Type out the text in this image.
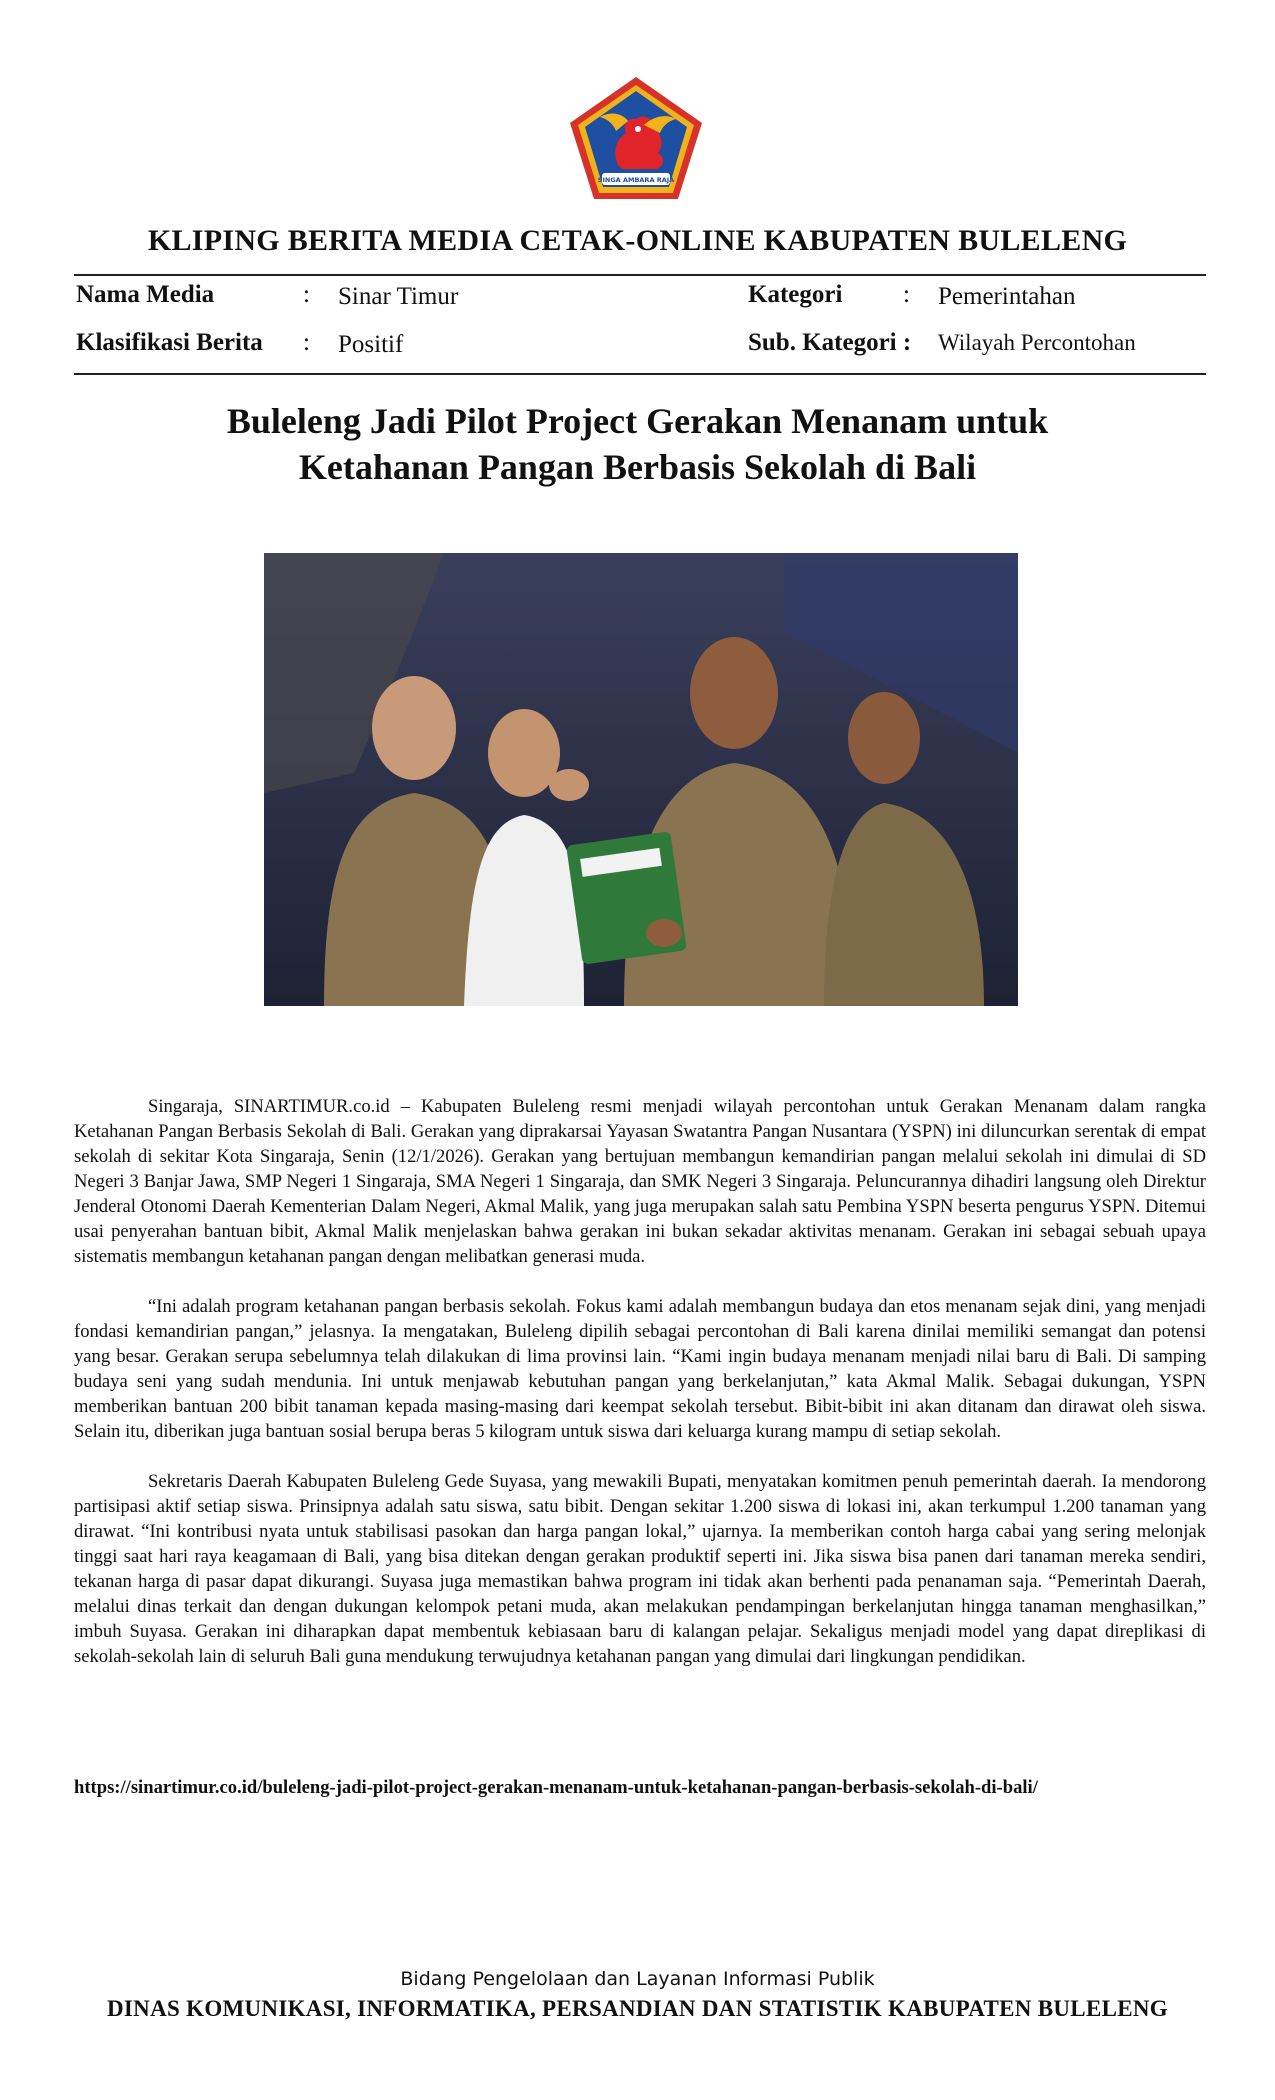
SINGA AMBARA RAJA
KLIPING BERITA MEDIA CETAK-ONLINE KABUPATEN BULELENG
Nama Media	: Sinar Timur	Kategori : Pemerintahan
Klasifikasi Berita : Positif	Sub. Kategori : Wilayah Percontohan
Buleleng Jadi Pilot Project Gerakan Menanam untuk
Ketahanan Pangan Berbasis Sekolah di Bali

Singaraja, SINARTIMUR.co.id – Kabupaten Buleleng resmi menjadi wilayah percontohan untuk Gerakan Menanam dalam rangka Ketahanan Pangan Berbasis Sekolah di Bali. Gerakan yang diprakarsai Yayasan Swatantra Pangan Nusantara (YSPN) ini diluncurkan serentak di empat sekolah di sekitar Kota Singaraja, Senin (12/1/2026). Gerakan yang bertujuan membangun kemandirian pangan melalui sekolah ini dimulai di SD Negeri 3 Banjar Jawa, SMP Negeri 1 Singaraja, SMA Negeri 1 Singaraja, dan SMK Negeri 3 Singaraja. Peluncurannya dihadiri langsung oleh Direktur Jenderal Otonomi Daerah Kementerian Dalam Negeri, Akmal Malik, yang juga merupakan salah satu Pembina YSPN beserta pengurus YSPN. Ditemui usai penyerahan bantuan bibit, Akmal Malik menjelaskan bahwa gerakan ini bukan sekadar aktivitas menanam. Gerakan ini sebagai sebuah upaya sistematis membangun ketahanan pangan dengan melibatkan generasi muda.

“Ini adalah program ketahanan pangan berbasis sekolah. Fokus kami adalah membangun budaya dan etos menanam sejak dini, yang menjadi fondasi kemandirian pangan,” jelasnya. Ia mengatakan, Buleleng dipilih sebagai percontohan di Bali karena dinilai memiliki semangat dan potensi yang besar. Gerakan serupa sebelumnya telah dilakukan di lima provinsi lain. “Kami ingin budaya menanam menjadi nilai baru di Bali. Di samping budaya seni yang sudah mendunia. Ini untuk menjawab kebutuhan pangan yang berkelanjutan,” kata Akmal Malik. Sebagai dukungan, YSPN memberikan bantuan 200 bibit tanaman kepada masing-masing dari keempat sekolah tersebut. Bibit-bibit ini akan ditanam dan dirawat oleh siswa. Selain itu, diberikan juga bantuan sosial berupa beras 5 kilogram untuk siswa dari keluarga kurang mampu di setiap sekolah.

Sekretaris Daerah Kabupaten Buleleng Gede Suyasa, yang mewakili Bupati, menyatakan komitmen penuh pemerintah daerah. Ia mendorong partisipasi aktif setiap siswa. Prinsipnya adalah satu siswa, satu bibit. Dengan sekitar 1.200 siswa di lokasi ini, akan terkumpul 1.200 tanaman yang dirawat. “Ini kontribusi nyata untuk stabilisasi pasokan dan harga pangan lokal,” ujarnya. Ia memberikan contoh harga cabai yang sering melonjak tinggi saat hari raya keagamaan di Bali, yang bisa ditekan dengan gerakan produktif seperti ini. Jika siswa bisa panen dari tanaman mereka sendiri, tekanan harga di pasar dapat dikurangi. Suyasa juga memastikan bahwa program ini tidak akan berhenti pada penanaman saja. “Pemerintah Daerah, melalui dinas terkait dan dengan dukungan kelompok petani muda, akan melakukan pendampingan berkelanjutan hingga tanaman menghasilkan,” imbuh Suyasa. Gerakan ini diharapkan dapat membentuk kebiasaan baru di kalangan pelajar. Sekaligus menjadi model yang dapat direplikasi di sekolah-sekolah lain di seluruh Bali guna mendukung terwujudnya ketahanan pangan yang dimulai dari lingkungan pendidikan.

https://sinartimur.co.id/buleleng-jadi-pilot-project-gerakan-menanam-untuk-ketahanan-pangan-berbasis-sekolah-di-bali/
Bidang Pengelolaan dan Layanan Informasi Publik
DINAS KOMUNIKASI, INFORMATIKA, PERSANDIAN DAN STATISTIK KABUPATEN BULELENG
